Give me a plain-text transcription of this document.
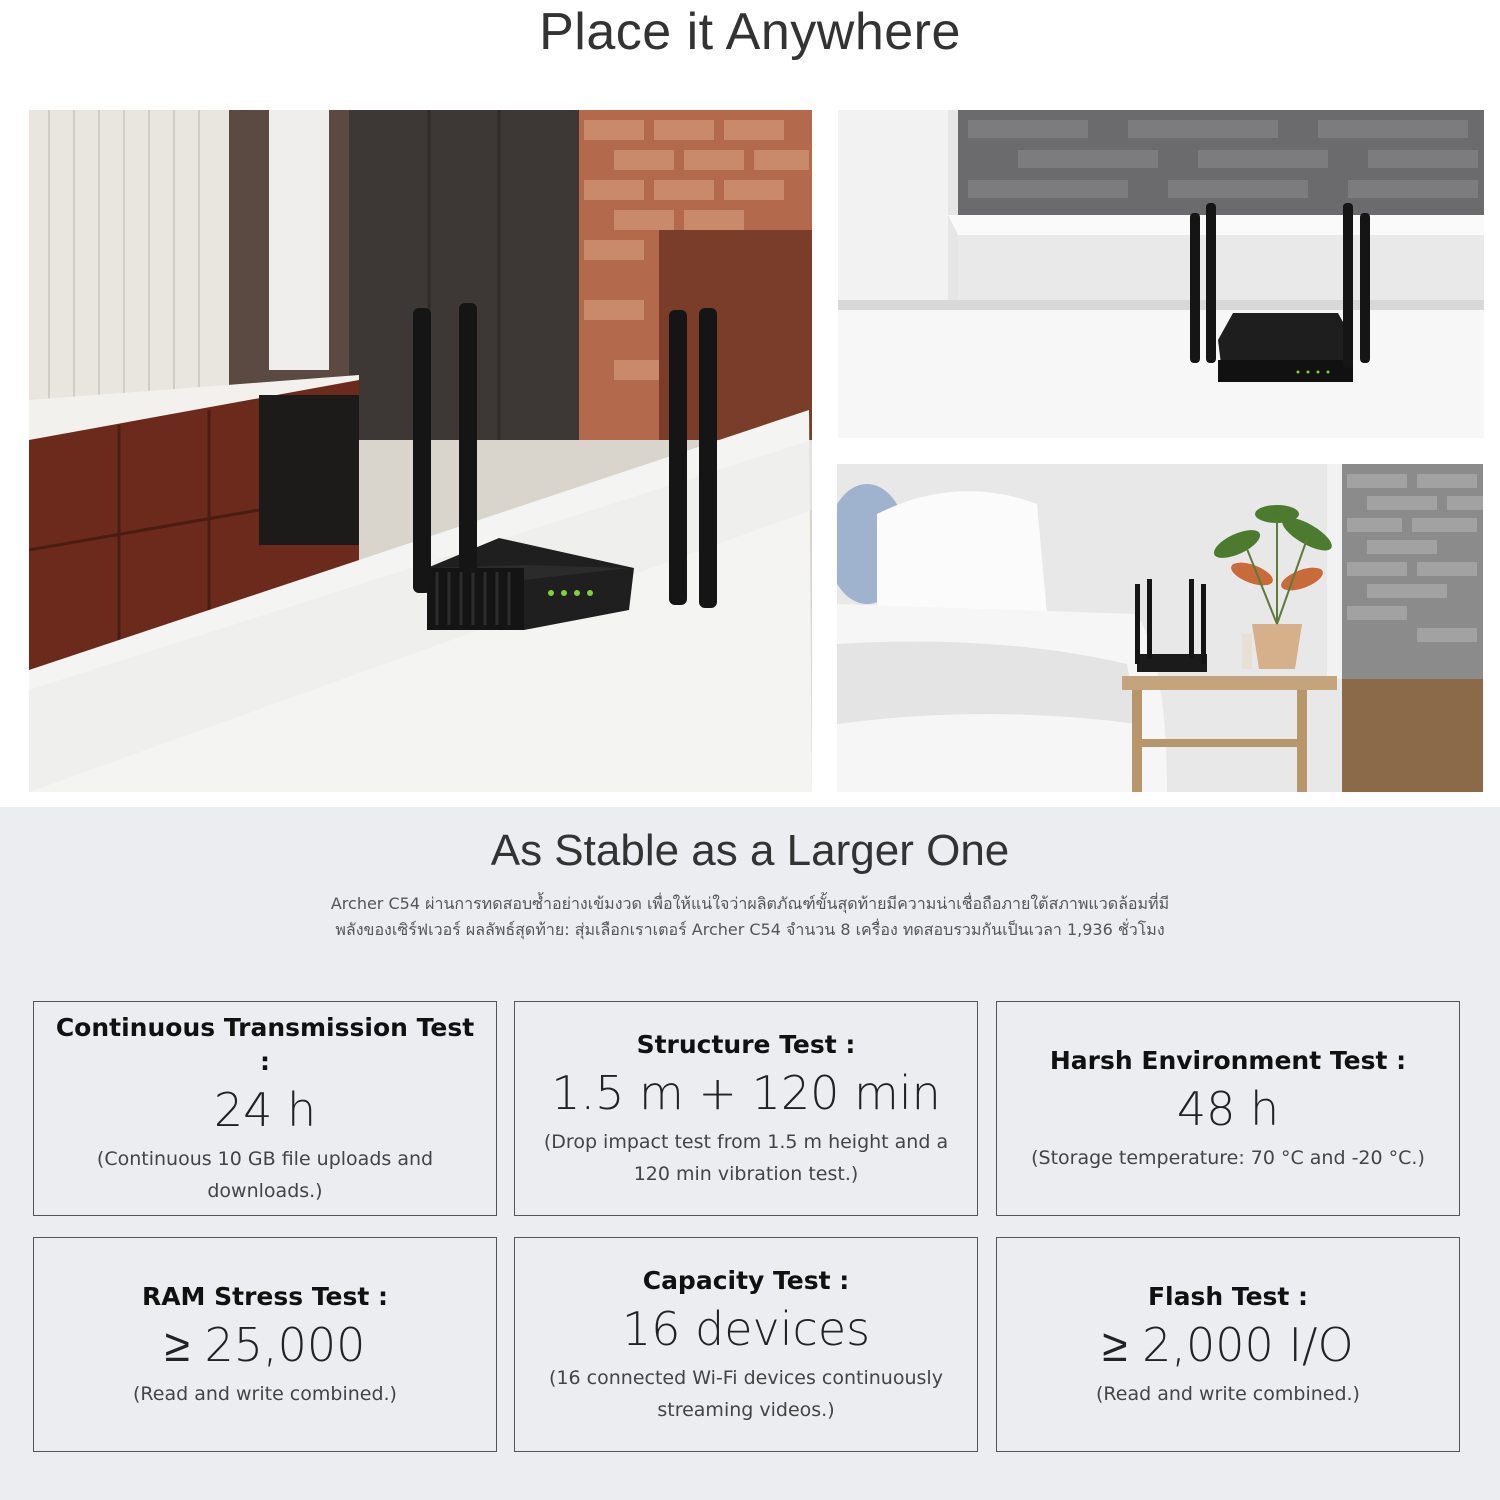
Place it Anywhere
As Stable as a Larger One

Archer C54 ผ่านการทดสอบซ้ำอย่างเข้มงวด เพื่อให้แน่ใจว่าผลิตภัณฑ์ขั้นสุดท้ายมีความน่าเชื่อถือภายใต้สภาพแวดล้อมที่มี

พลังของเซิร์ฟเวอร์ ผลลัพธ์สุดท้าย: สุ่มเลือกเราเตอร์ Archer C54 จำนวน 8 เครื่อง ทดสอบรวมกันเป็นเวลา 1,936 ชั่วโมง

Continuous Transmission Test :
24 h
(Continuous 10 GB file uploads and downloads.)
Structure Test :
1.5 m + 120 min
(Drop impact test from 1.5 m height and a 120 min vibration test.)
Harsh Environment Test :
48 h
(Storage temperature: 70 °C and -20 °C.)
RAM Stress Test :
≥ 25,000
(Read and write combined.)
Capacity Test :
16 devices
(16 connected Wi-Fi devices continuously streaming videos.)
Flash Test :
≥ 2,000 I/O
(Read and write combined.)
